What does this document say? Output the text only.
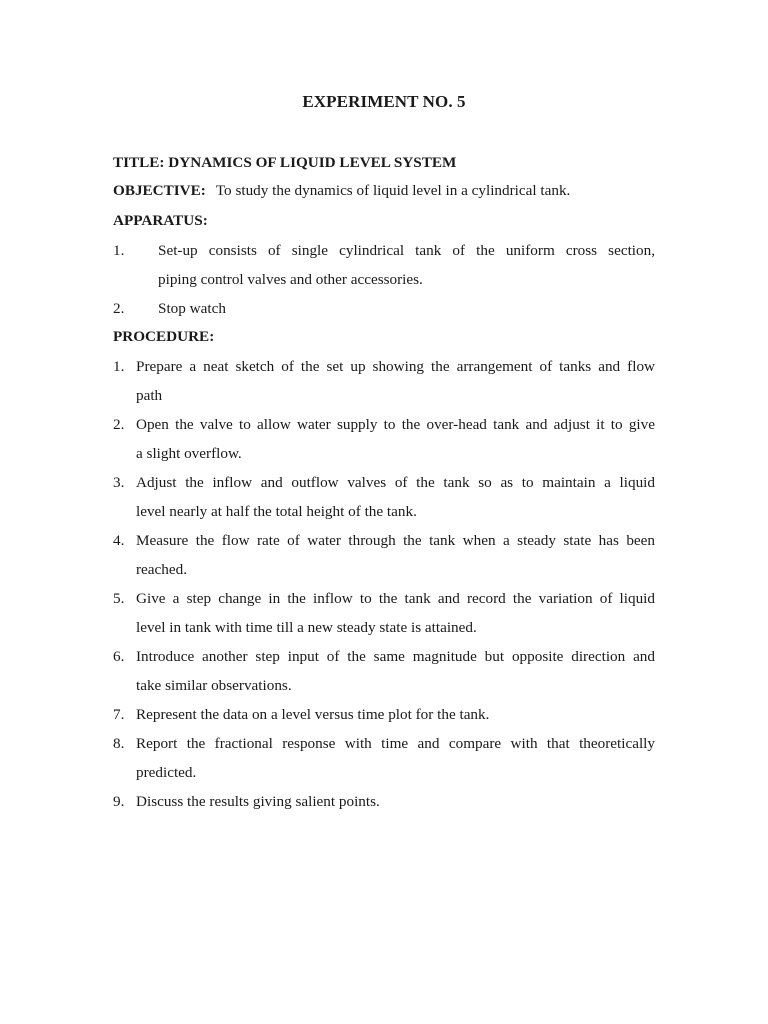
EXPERIMENT NO. 5
TITLE: DYNAMICS OF LIQUID LEVEL SYSTEM
OBJECTIVE: To study the dynamics of liquid level in a cylindrical tank.
APPARATUS:
1. Set-up consists of single cylindrical tank of the uniform cross section,
piping control valves and other accessories.
2. Stop watch
PROCEDURE:
1. Prepare a neat sketch of the set up showing the arrangement of tanks and flow
path
2. Open the valve to allow water supply to the over-head tank and adjust it to give
a slight overflow.
3. Adjust the inflow and outflow valves of the tank so as to maintain a liquid
level nearly at half the total height of the tank.
4. Measure the flow rate of water through the tank when a steady state has been
reached.
5. Give a step change in the inflow to the tank and record the variation of liquid
level in tank with time till a new steady state is attained.
6. Introduce another step input of the same magnitude but opposite direction and
take similar observations.
7. Represent the data on a level versus time plot for the tank.
8. Report the fractional response with time and compare with that theoretically
predicted.
9. Discuss the results giving salient points.
